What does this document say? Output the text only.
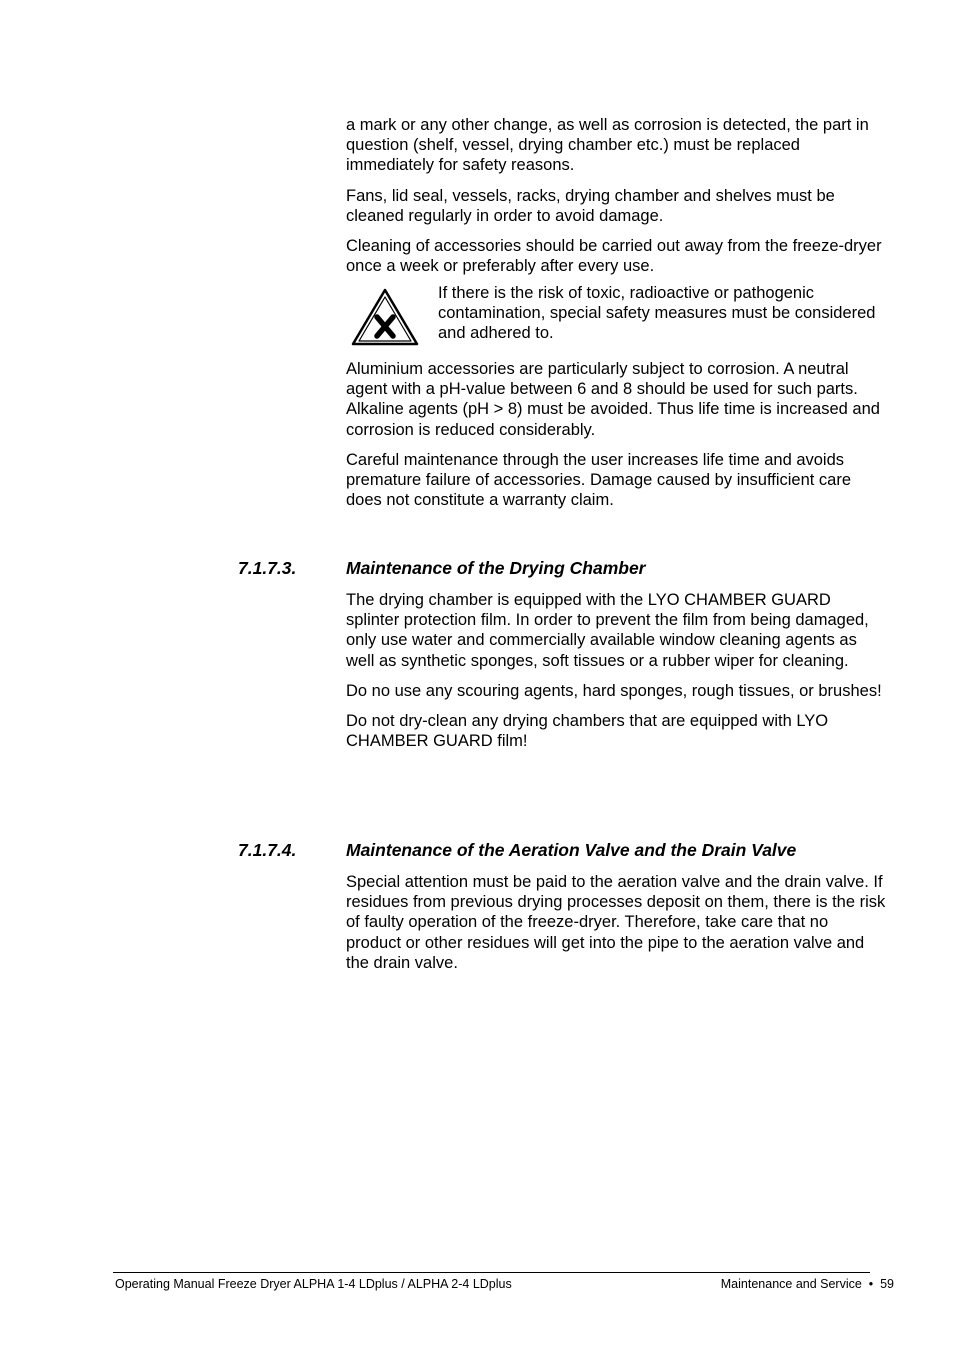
a mark or any other change, as well as corrosion is detected, the part in question (shelf, vessel, drying chamber etc.) must be replaced immediately for safety reasons.

Fans, lid seal, vessels, racks, drying chamber and shelves must be cleaned regularly in order to avoid damage.

Cleaning of accessories should be carried out away from the freeze-dryer once a week or preferably after every use.

If there is the risk of toxic, radioactive or pathogenic contamination, special safety measures must be considered and adhered to.

Aluminium accessories are particularly subject to corrosion. A neutral agent with a pH-value between 6 and 8 should be used for such parts. Alkaline agents (pH > 8) must be avoided. Thus life time is increased and corrosion is reduced considerably.

Careful maintenance through the user increases life time and avoids premature failure of accessories. Damage caused by insufficient care does not constitute a warranty claim.

7.1.7.3.	Maintenance of the Drying Chamber

The drying chamber is equipped with the LYO CHAMBER GUARD splinter protection film. In order to prevent the film from being damaged, only use water and commercially available window cleaning agents as well as synthetic sponges, soft tissues or a rubber wiper for cleaning.

Do no use any scouring agents, hard sponges, rough tissues, or brushes!

Do not dry-clean any drying chambers that are equipped with LYO CHAMBER GUARD film!

7.1.7.4.	Maintenance of the Aeration Valve and the Drain Valve

Special attention must be paid to the aeration valve and the drain valve. If residues from previous drying processes deposit on them, there is the risk of faulty operation of the freeze-dryer. Therefore, take care that no product or other residues will get into the pipe to the aeration valve and the drain valve.

Operating Manual Freeze Dryer ALPHA 1-4 LDplus / ALPHA 2-4 LDplus	Maintenance and Service  •  59
